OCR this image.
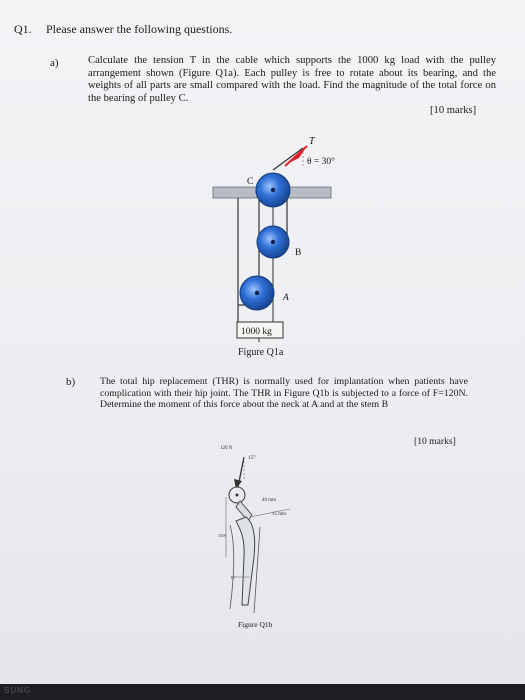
Q1. Please answer the following questions.
a)	Calculate the tension T in the cable which supports the 1000 kg load with the pulley arrangement shown (Figure Q1a). Each pulley is free to rotate about its bearing, and the weights of all parts are small compared with the load. Find the magnitude of the total force on the bearing of pulley C.
[10 marks]
T
θ = 30°
C
B
A
1000 kg
Figure Q1a
b)	The total hip replacement (THR) is normally used for implantation when patients have complication with their hip joint. The THR in Figure Q1b is subjected to a force of F=120N. Determine the moment of this force about the neck at A and at the stem B
[10 marks]
120 N
15°
40 mm
15 mm
150°
10°
Figure Q1b
SUNG
